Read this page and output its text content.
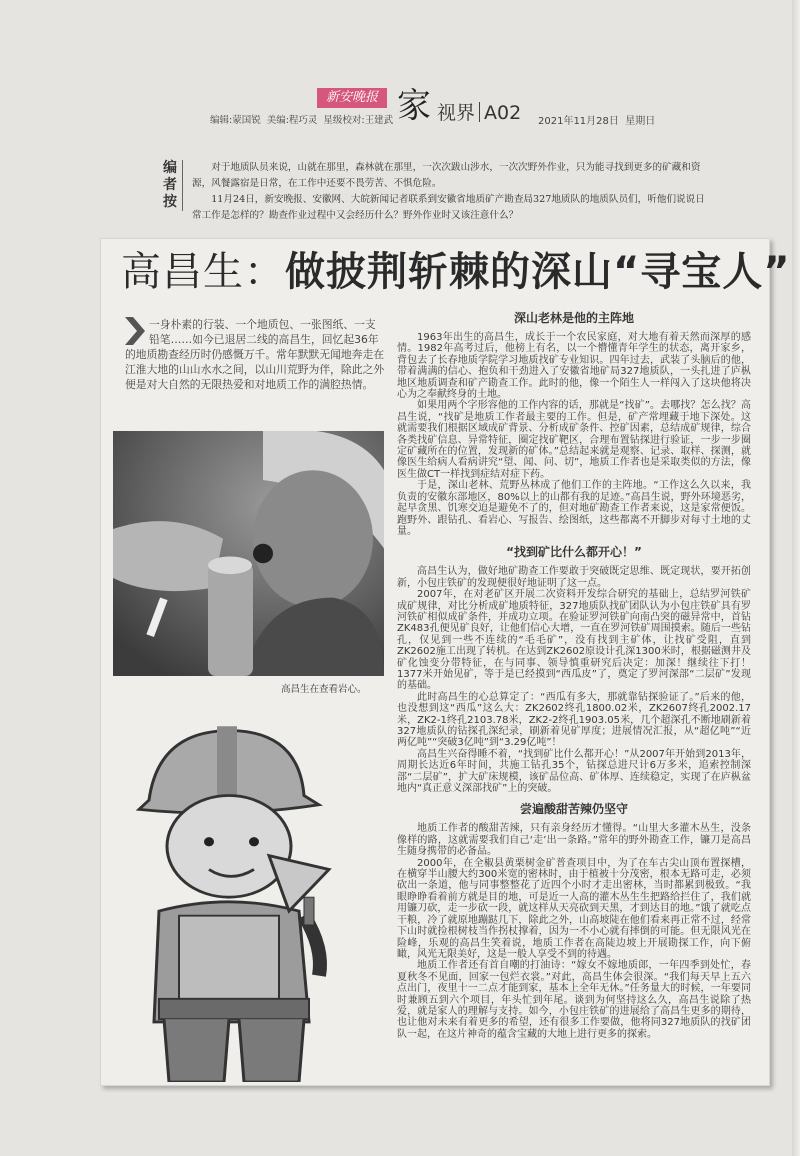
编辑:蒙国锐 美编:程巧灵 星级校对:王建武
新安晚报 家 视界 A02 2021年11月28日 星期日
编者按

对于地质队员来说，山就在那里，森林就在那里，一次次跋山涉水，一次次野外作业，只为能寻找到更多的矿藏和资源，风餐露宿是日常，在工作中还要不畏劳苦、不惧危险。

11月24日，新安晚报、安徽网、大皖新闻记者联系到安徽省地质矿产勘查局327地质队的地质队员们，听他们说说日常工作是怎样的？勘查作业过程中又会经历什么？野外作业时又该注意什么？

高昌生：做披荆斩棘的深山“寻宝人”
一身朴素的行装、一个地质包、一张图纸、一支铅笔……如今已退居二线的高昌生，回忆起36年的地质勘查经历时仍感慨万千。常年默默无闻地奔走在江淮大地的山山水水之间，以山川荒野为伴，除此之外便是对大自然的无限热爱和对地质工作的满腔热情。
高昌生在查看岩心。
深山老林是他的主阵地

1963年出生的高昌生，成长于一个农民家庭，对大地有着天然而深厚的感情。1982年高考过后，他榜上有名，以一个懵懂青年学生的状态，离开家乡，背包去了长春地质学院学习地质找矿专业知识。四年过去，武装了头脑后的他，带着满满的信心、抱负和干劲进入了安徽省地矿局327地质队，一头扎进了庐枞地区地质调查和矿产勘查工作。此时的他，像一个陌生人一样闯入了这块他将决心为之奉献终身的土地。

如果用两个字形容他的工作内容的话，那就是“找矿”。去哪找？怎么找？高昌生说，“找矿是地质工作者最主要的工作。但是，矿产常埋藏于地下深处。这就需要我们根据区域成矿背景、分析成矿条件、控矿因素，总结成矿规律，综合各类找矿信息、异常特征，圈定找矿靶区，合理布置钻探进行验证，一步一步圈定矿藏所在的位置，发现新的矿体。”总结起来就是观察、记录、取样、探测，就像医生给病人看病讲究“望、闻、问、切”，地质工作者也是采取类似的方法，像医生做CT一样找到症结对症下药。

于是，深山老林、荒野丛林成了他们工作的主阵地。“工作这么久以来，我负责的安徽东部地区，80%以上的山都有我的足迹。”高昌生说，野外环境恶劣，起早贪黑、饥寒交迫是避免不了的，但对地矿勘查工作者来说，这是家常便饭。跑野外、跟钻孔、看岩心、写报告、绘图纸，这些都离不开脚步对每寸土地的丈量。

“找到矿比什么都开心！”

高昌生认为，做好地矿勘查工作要敢于突破既定思维、既定现状，要开拓创新，小包庄铁矿的发现便很好地证明了这一点。

2007年，在对老矿区开展二次资料开发综合研究的基础上，总结罗河铁矿成矿规律，对比分析成矿地质特征，327地质队找矿团队认为小包庄铁矿具有罗河铁矿相似成矿条件，并成功立项。在验证罗河铁矿向南凸突的磁异常中，首钻ZK483孔便见矿良好，让他们信心大增，一直在罗河铁矿周围摸索。随后一些钻孔，仅见到一些不连续的“毛毛矿”，没有找到主矿体，让找矿受阻，直到ZK2602施工出现了转机。在达到ZK2602原设计孔深1300米时，根据磁测井及矿化蚀变分带特征，在与同事、领导慎重研究后决定：加深！继续往下打！1377米开始见矿，等于是已经摸到“西瓜皮”了，奠定了罗河深部“二层矿”发现的基础。

此时高昌生的心总算定了：“西瓜有多大，那就靠钻探验证了。”后来的他，也没想到这“西瓜”这么大：ZK2602终孔1800.02米，ZK2607终孔2002.17米，ZK2-1终孔2103.78米，ZK2-2终孔1903.05米，几个超深孔不断地刷新着327地质队的钻探孔深纪录，刷新着见矿厚度；进展情况汇报，从“超亿吨”“近两亿吨”“突破3亿吨”到“3.29亿吨”！

高昌生兴奋得睡不着，“找到矿比什么都开心！”从2007年开始到2013年，周期长达近6年时间，共施工钻孔35个，钻探总进尺计6万多米，追索控制深部“二层矿”，扩大矿床规模，该矿品位高、矿体厚、连续稳定，实现了在庐枞盆地内“真正意义深部找矿”上的突破。

尝遍酸甜苦辣仍坚守

地质工作者的酸甜苦辣，只有亲身经历才懂得。“山里大多灌木丛生，没条像样的路，这就需要我们自己‘走’出一条路。”常年的野外勘查工作，镰刀是高昌生随身携带的必备品。

2000年，在全椒县黄栗树金矿普查项目中，为了在车古尖山顶布置探槽，在横穿半山腰大约300米宽的密林时，由于植被十分茂密，根本无路可走，必须砍出一条道，他与同事整整花了近四个小时才走出密林，当时都累到极致。“我眼睁睁看着前方就是目的地，可是近一人高的灌木丛生生把路给拦住了，我们就用镰刀砍，走一步砍一段，就这样从天亮砍到天黑，才到达目的地。”饿了就吃点干粮，冷了就原地蹦跶几下，除此之外，山高坡陡在他们看来再正常不过，经常下山时就捡根树枝当作拐杖撑着，因为一不小心就有摔倒的可能。但无限风光在险峰，乐观的高昌生笑着说，地质工作者在高陡边坡上开展勘探工作，向下俯瞰，风光无限美好，这是一般人享受不到的待遇。

地质工作者还有首自嘲的打油诗：“嫁女不嫁地质郎，一年四季到处忙，春夏秋冬不见面，回家一包烂衣裳。”对此，高昌生体会很深。“我们每天早上五六点出门，夜里十一二点才能到家，基本上全年无休。”任务量大的时候，一年要同时兼顾五到六个项目，年头忙到年尾。谈到为何坚持这么久，高昌生说除了热爱，就是家人的理解与支持。如今，小包庄铁矿的进展给了高昌生更多的期待，也让他对未来有着更多的希望，还有很多工作要做，他将同327地质队的找矿团队一起，在这片神奇的蕴含宝藏的大地上进行更多的探索。
